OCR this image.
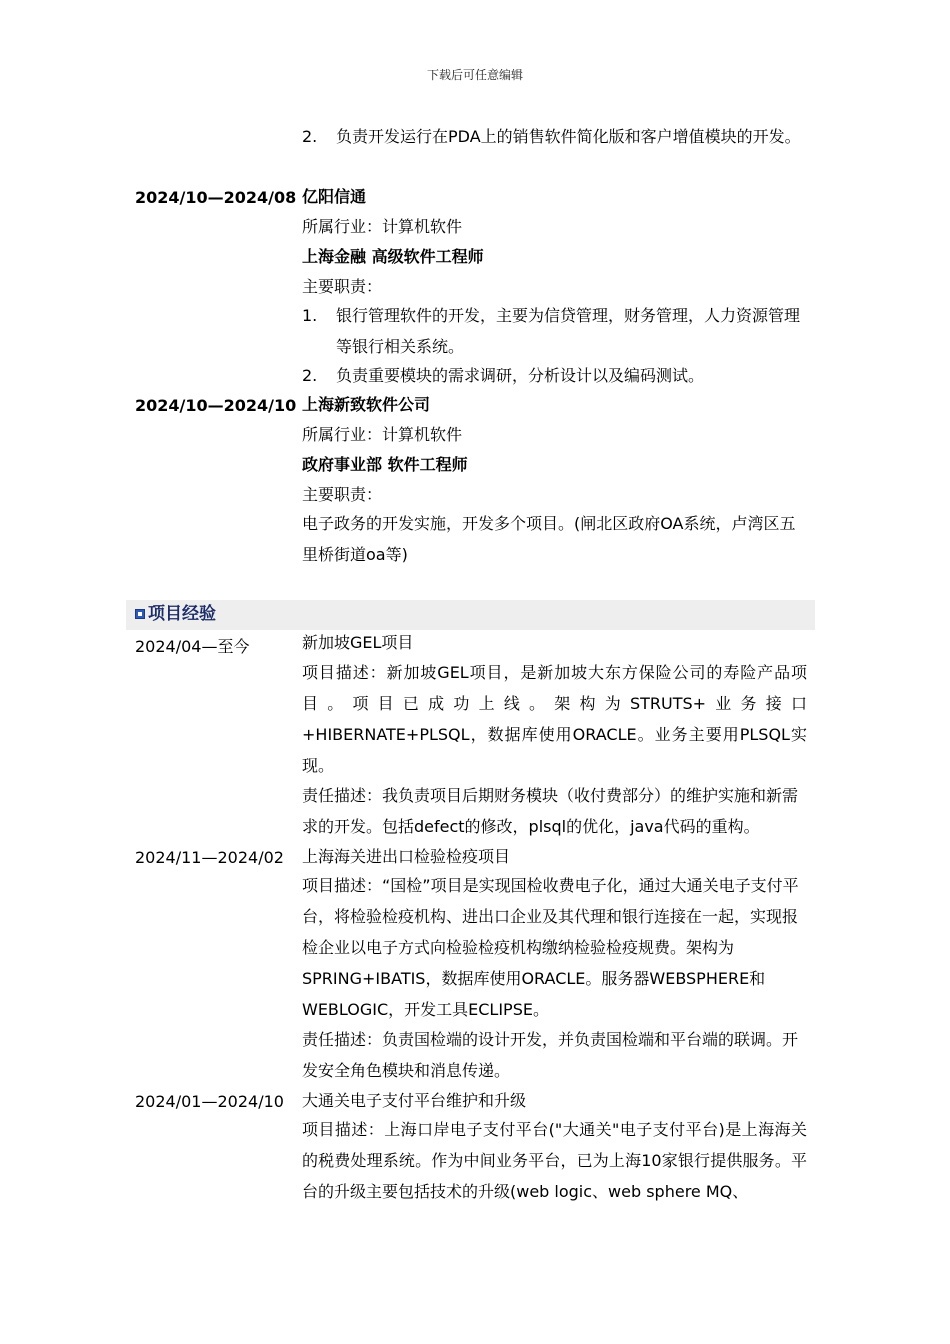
下载后可任意编辑
2. 负责开发运行在PDA上的销售软件简化版和客户增值模块的开发。
2024/10—2024/08 亿阳信通
所属行业：计算机软件
上海金融 高级软件工程师
主要职责：
1. 银行管理软件的开发，主要为信贷管理，财务管理，人力资源管理等银行相关系统。
2. 负责重要模块的需求调研，分析设计以及编码测试。
2024/10—2024/10 上海新致软件公司
所属行业：计算机软件
政府事业部 软件工程师
主要职责：
电子政务的开发实施，开发多个项目。(闸北区政府OA系统，卢湾区五里桥街道oa等)
项目经验
2024/04—至今	新加坡GEL项目
项目描述：新加坡GEL项目，是新加坡大东方保险公司的寿险产品项目。项目已成功上线。架构为STRUTS+业务接口+HIBERNATE+PLSQL，数据库使用ORACLE。业务主要用PLSQL实现。
责任描述：我负责项目后期财务模块（收付费部分）的维护实施和新需求的开发。包括defect的修改，plsql的优化，java代码的重构。
2024/11—2024/02 上海海关进出口检验检疫项目
项目描述：“国检”项目是实现国检收费电子化，通过大通关电子支付平台，将检验检疫机构、进出口企业及其代理和银行连接在一起，实现报检企业以电子方式向检验检疫机构缴纳检验检疫规费。架构为SPRING+IBATIS，数据库使用ORACLE。服务器WEBSPHERE和WEBLOGIC，开发工具ECLIPSE。
责任描述：负责国检端的设计开发，并负责国检端和平台端的联调。开发安全角色模块和消息传递。
2024/01—2024/10 大通关电子支付平台维护和升级
项目描述：上海口岸电子支付平台("大通关"电子支付平台)是上海海关的税费处理系统。作为中间业务平台，已为上海10家银行提供服务。平台的升级主要包括技术的升级(web logic、web sphere MQ、
